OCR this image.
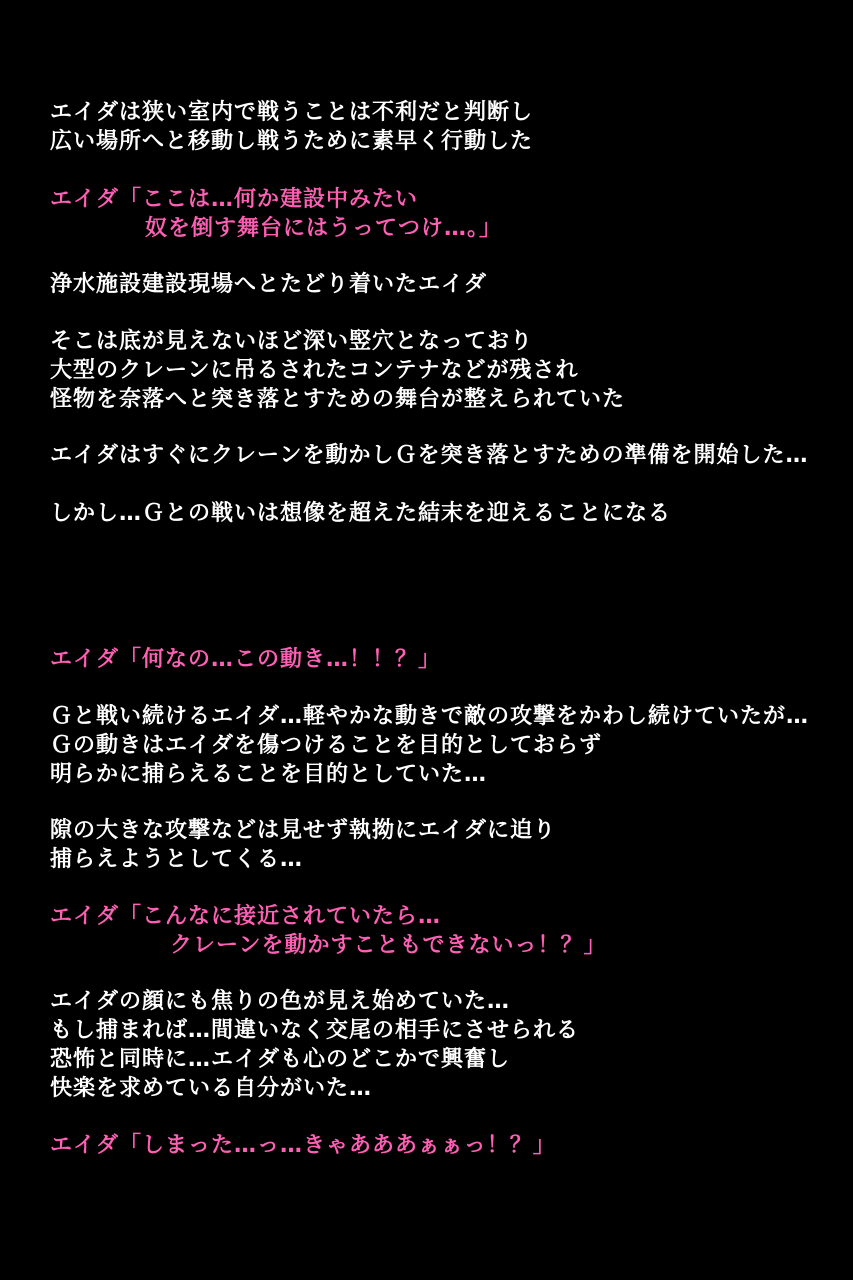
エイダは狭い室内で戦うことは不利だと判断し
広い場所へと移動し戦うために素早く行動した
エイダ「ここは…何か建設中みたい
奴を倒す舞台にはうってつけ…。」
浄水施設建設現場へとたどり着いたエイダ
そこは底が見えないほど深い竪穴となっており
大型のクレーンに吊るされたコンテナなどが残され
怪物を奈落へと突き落とすための舞台が整えられていた
エイダはすぐにクレーンを動かしＧを突き落とすための準備を開始した…
しかし…Ｇとの戦いは想像を超えた結末を迎えることになる
エイダ「何なの…この動き…！！？」
Ｇと戦い続けるエイダ…軽やかな動きで敵の攻撃をかわし続けていたが…
Ｇの動きはエイダを傷つけることを目的としておらず
明らかに捕らえることを目的としていた…
隙の大きな攻撃などは見せず執拗にエイダに迫り
捕らえようとしてくる…
エイダ「こんなに接近されていたら…
クレーンを動かすこともできないっ！？」
エイダの顔にも焦りの色が見え始めていた…
もし捕まれば…間違いなく交尾の相手にさせられる
恐怖と同時に…エイダも心のどこかで興奮し
快楽を求めている自分がいた…
エイダ「しまった…っ…きゃあああぁぁっ！？」
